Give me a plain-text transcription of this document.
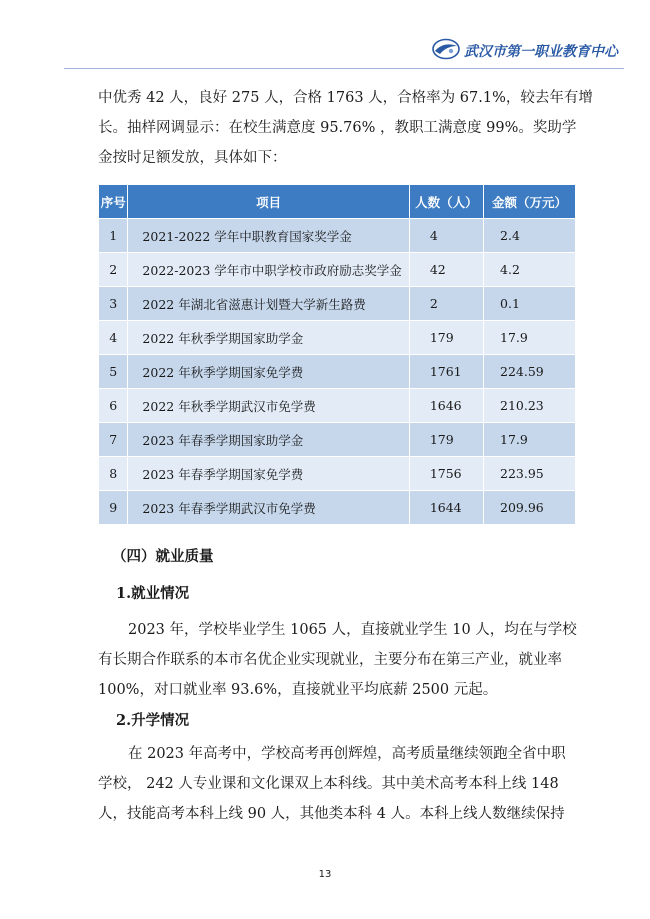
武汉市第一职业教育中心
中优秀 42 人，良好 275 人，合格 1763 人，合格率为 67.1%，较去年有增
长。抽样网调显示：在校生满意度 95.76% ，教职工满意度 99%。奖助学
金按时足额发放，具体如下：
序号	项目	人数（人）	金额（万元）
1	2021-2022 学年中职教育国家奖学金	4	2.4
2	2022-2023 学年市中职学校市政府励志奖学金	42	4.2
3	2022 年湖北省滋惠计划暨大学新生路费	2	0.1
4	2022 年秋季学期国家助学金	179	17.9
5	2022 年秋季学期国家免学费	1761	224.59
6	2022 年秋季学期武汉市免学费	1646	210.23
7	2023 年春季学期国家助学金	179	17.9
8	2023 年春季学期国家免学费	1756	223.95
9	2023 年春季学期武汉市免学费	1644	209.96
（四）就业质量
1.就业情况
2023 年，学校毕业学生 1065 人，直接就业学生 10 人，均在与学校
有长期合作联系的本市名优企业实现就业，主要分布在第三产业，就业率
100%，对口就业率 93.6%，直接就业平均底薪 2500 元起。
2.升学情况
在 2023 年高考中，学校高考再创辉煌，高考质量继续领跑全省中职
学校， 242 人专业课和文化课双上本科线。其中美术高考本科上线 148
人，技能高考本科上线 90 人，其他类本科 4 人。本科上线人数继续保持
13
